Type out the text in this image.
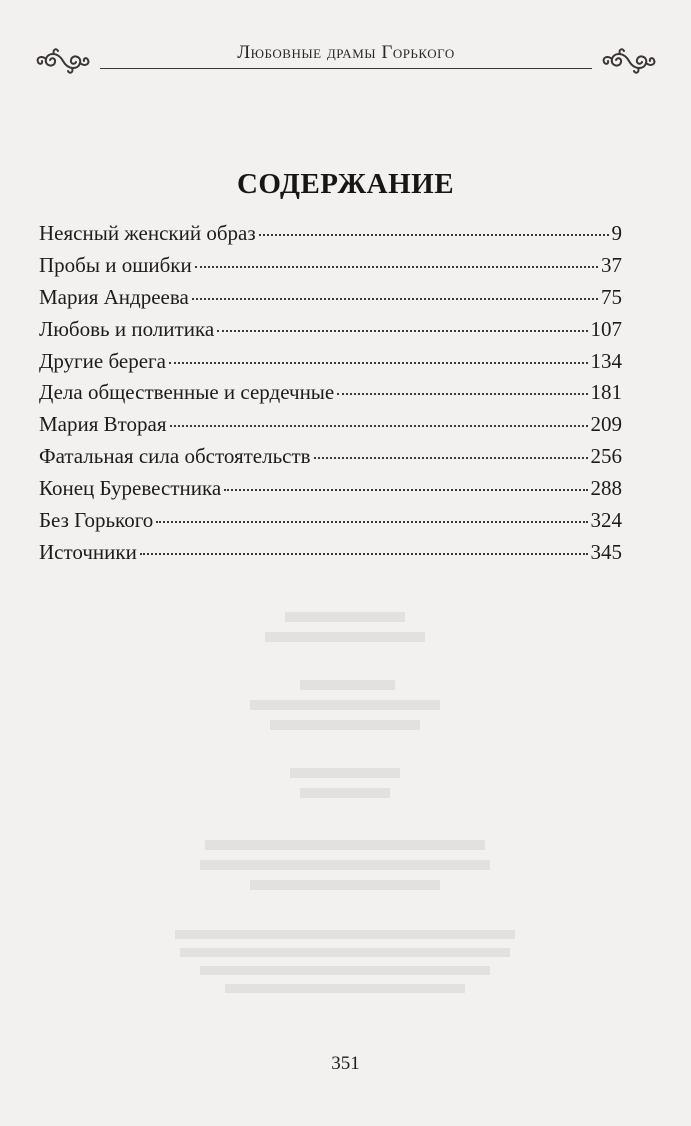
Любовные драмы Горького
СОДЕРЖАНИЕ
Неясный женский образ	9
Пробы и ошибки	37
Мария Андреева	75
Любовь и политика	107
Другие берега	134
Дела общественные и сердечные	181
Мария Вторая	209
Фатальная сила обстоятельств	256
Конец Буревестника	288
Без Горького	324
Источники	345
351
